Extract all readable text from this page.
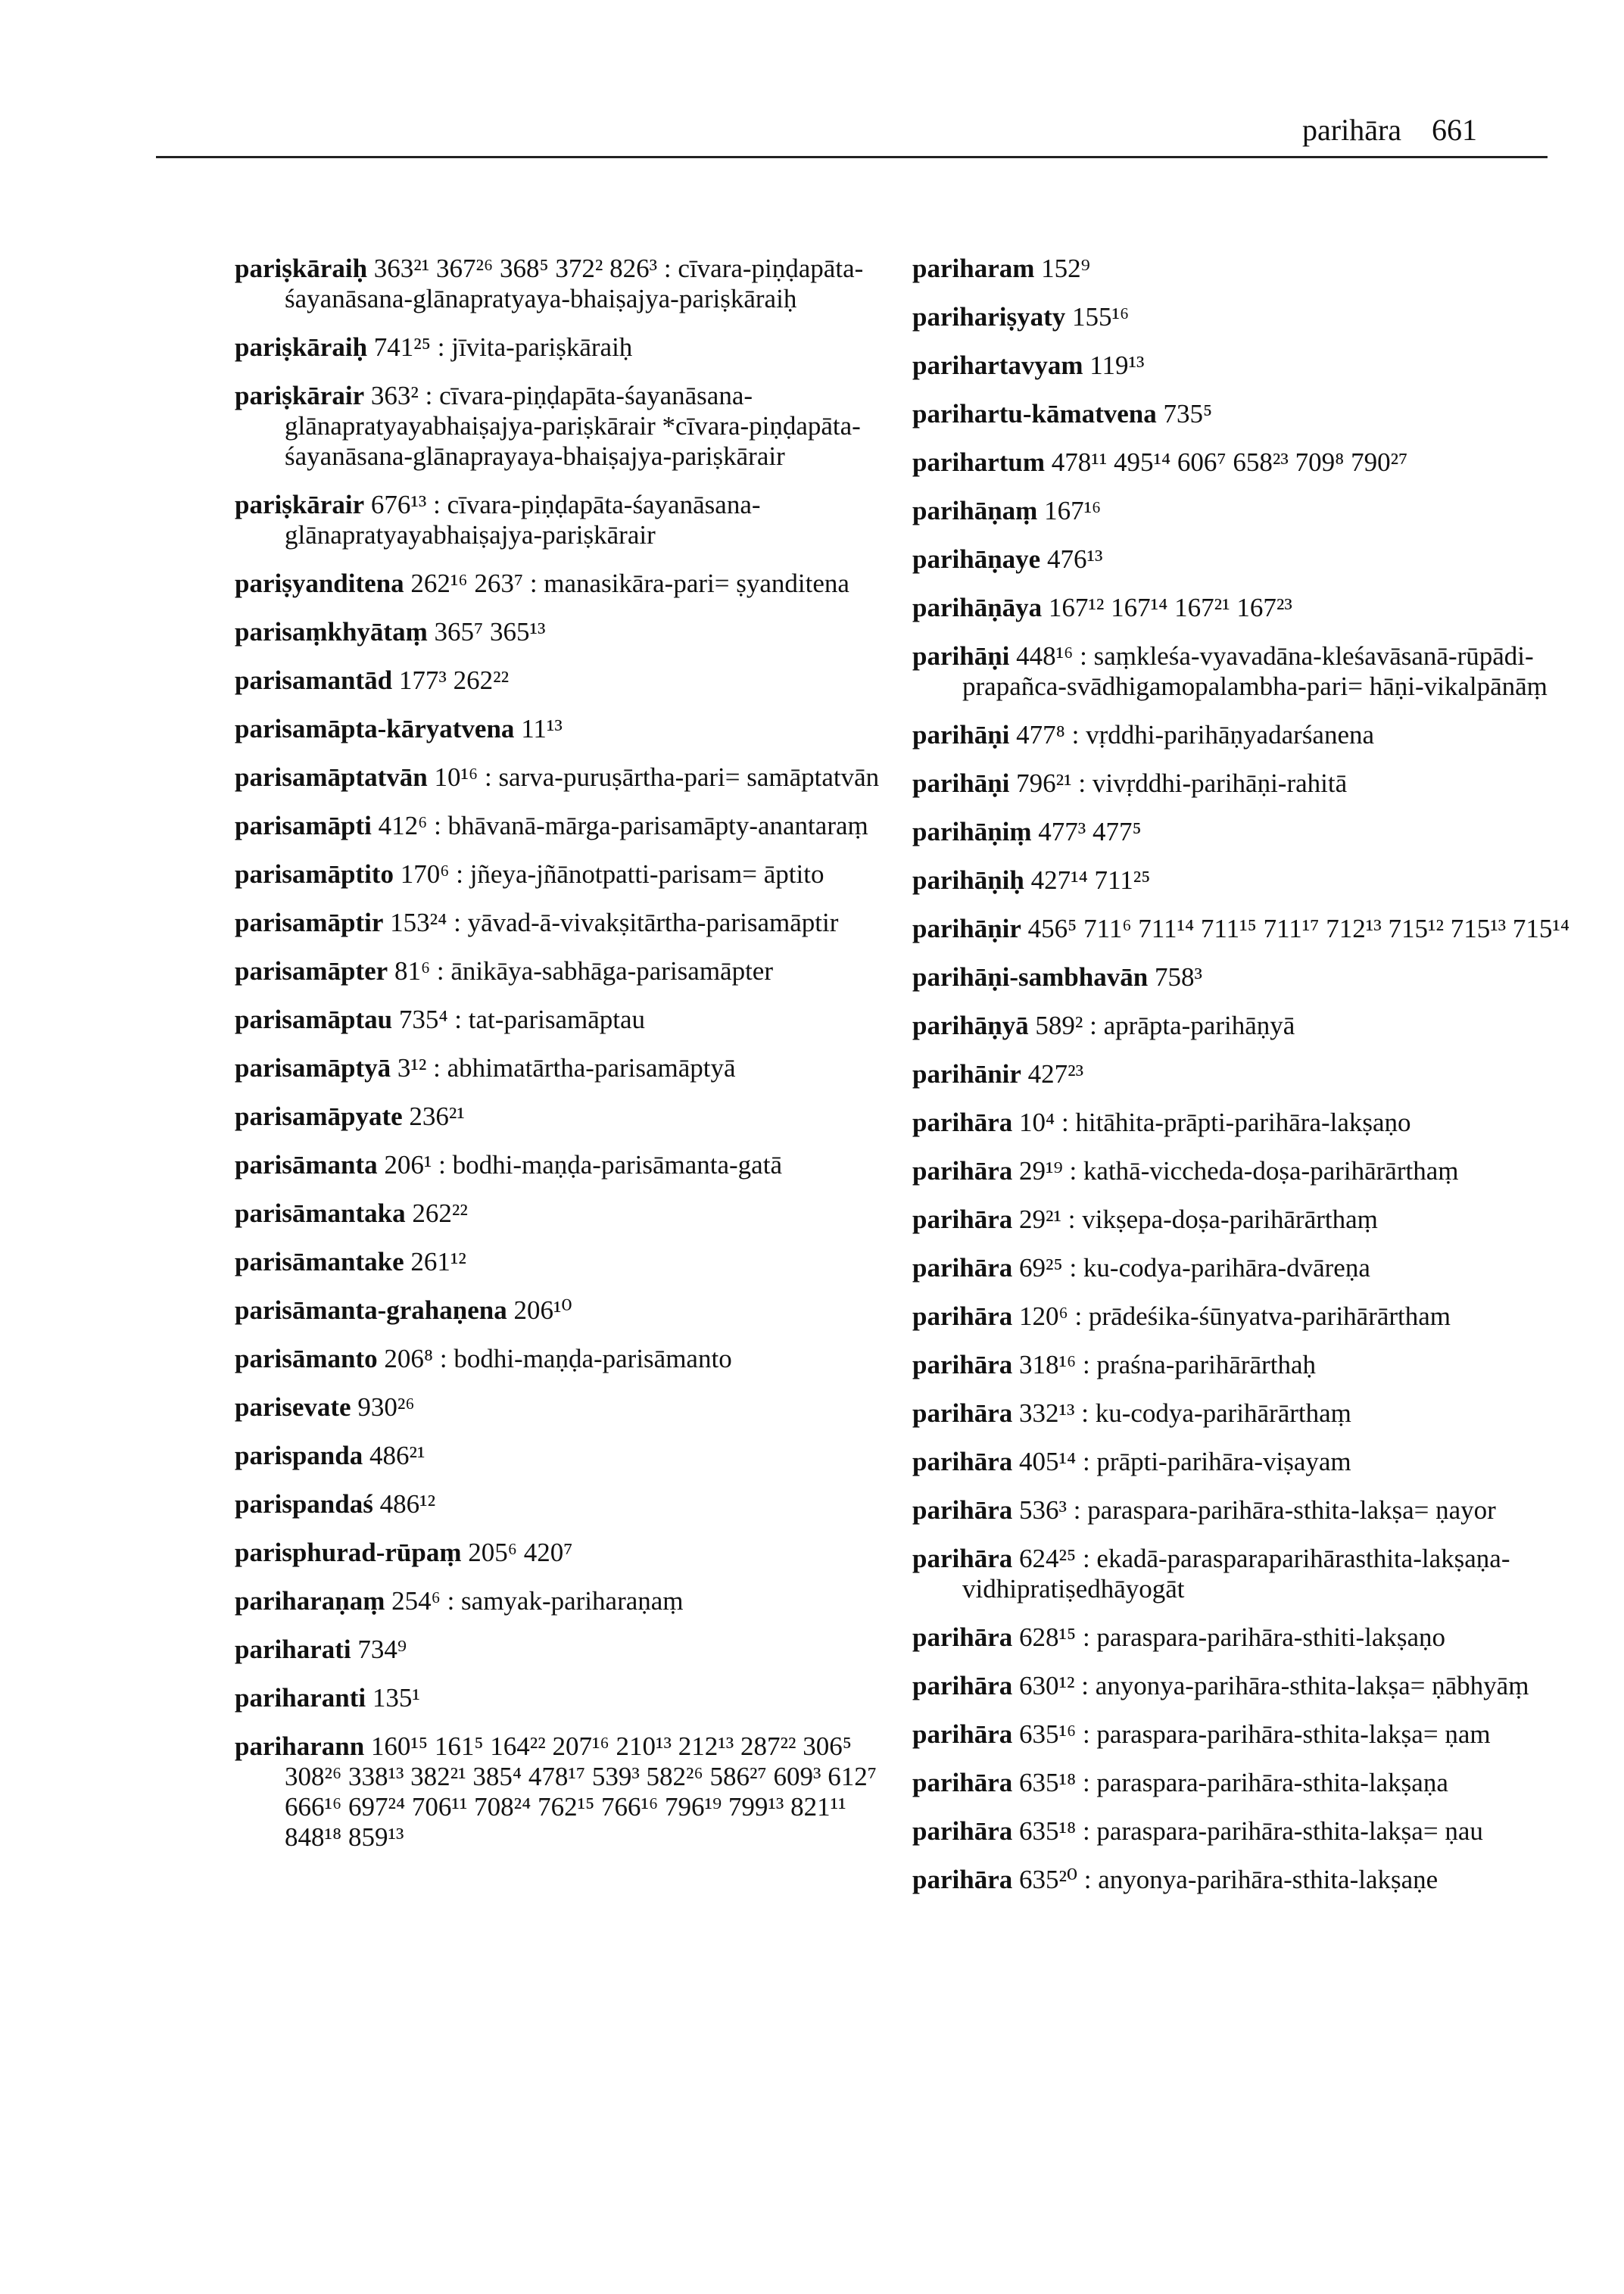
parihāra 661
pariṣkāraiḥ 363²¹ 367²⁶ 368⁵ 372² 826³ : cīvara-piṇḍapāta-śayanāsana-glānapratyaya-bhaiṣajya-pariṣkāraiḥ
pariṣkāraiḥ 741²⁵ : jīvita-pariṣkāraiḥ
pariṣkārair 363² : cīvara-piṇḍapāta-śayanāsana-glānapratyayabhaiṣajya-pariṣkārair *cīvara-piṇḍapāta-śayanāsana-glānaprayaya-bhaiṣajya-pariṣkārair
pariṣkārair 676¹³ : cīvara-piṇḍapāta-śayanāsana-glānapratyayabhaiṣajya-pariṣkārair
pariṣyanditena 262¹⁶ 263⁷ : manasikāra-pari= ṣyanditena
parisaṃkhyātaṃ 365⁷ 365¹³
parisamantād 177³ 262²²
parisamāpta-kāryatvena 11¹³
parisamāptatvān 10¹⁶ : sarva-puruṣārtha-pari= samāptatvān
parisamāpti 412⁶ : bhāvanā-mārga-parisamāpty-anantaraṃ
parisamāptito 170⁶ : jñeya-jñānotpatti-parisam= āptito
parisamāptir 153²⁴ : yāvad-ā-vivakṣitārtha-parisamāptir
parisamāpter 81⁶ : ānikāya-sabhāga-parisamāpter
parisamāptau 735⁴ : tat-parisamāptau
parisamāptyā 3¹² : abhimatārtha-parisamāptyā
parisamāpyate 236²¹
parisāmanta 206¹ : bodhi-maṇḍa-parisāmanta-gatā
parisāmantaka 262²²
parisāmantake 261¹²
parisāmanta-grahaṇena 206¹⁰
parisāmanto 206⁸ : bodhi-maṇḍa-parisāmanto
parisevate 930²⁶
parispanda 486²¹
parispandaś 486¹²
parisphurad-rūpaṃ 205⁶ 420⁷
pariharaṇaṃ 254⁶ : samyak-pariharaṇaṃ
pariharati 734⁹
pariharanti 135¹
pariharann 160¹⁵ 161⁵ 164²² 207¹⁶ 210¹³ 212¹³ 287²² 306⁵ 308²⁶ 338¹³ 382²¹ 385⁴ 478¹⁷ 539³ 582²⁶ 586²⁷ 609³ 612⁷ 666¹⁶ 697²⁴ 706¹¹ 708²⁴ 762¹⁵ 766¹⁶ 796¹⁹ 799¹³ 821¹¹ 848¹⁸ 859¹³
pariharam 152⁹
parihariṣyaty 155¹⁶
parihartavyam 119¹³
parihartu-kāmatvena 735⁵
parihartum 478¹¹ 495¹⁴ 606⁷ 658²³ 709⁸ 790²⁷
parihāṇaṃ 167¹⁶
parihāṇaye 476¹³
parihāṇāya 167¹² 167¹⁴ 167²¹ 167²³
parihāṇi 448¹⁶ : saṃkleśa-vyavadāna-kleśavāsanā-rūpādi-prapañca-svādhigamopalambha-pari= hāṇi-vikalpānāṃ
parihāṇi 477⁸ : vṛddhi-parihāṇyadarśanena
parihāṇi 796²¹ : vivṛddhi-parihāṇi-rahitā
parihāṇiṃ 477³ 477⁵
parihāṇiḥ 427¹⁴ 711²⁵
parihāṇir 456⁵ 711⁶ 711¹⁴ 711¹⁵ 711¹⁷ 712¹³ 715¹² 715¹³ 715¹⁴
parihāṇi-sambhavān 758³
parihāṇyā 589² : aprāpta-parihāṇyā
parihānir 427²³
parihāra 10⁴ : hitāhita-prāpti-parihāra-lakṣaṇo
parihāra 29¹⁹ : kathā-viccheda-doṣa-parihārārthaṃ
parihāra 29²¹ : vikṣepa-doṣa-parihārārthaṃ
parihāra 69²⁵ : ku-codya-parihāra-dvāreṇa
parihāra 120⁶ : prādeśika-śūnyatva-parihārārtham
parihāra 318¹⁶ : praśna-parihārārthaḥ
parihāra 332¹³ : ku-codya-parihārārthaṃ
parihāra 405¹⁴ : prāpti-parihāra-viṣayam
parihāra 536³ : paraspara-parihāra-sthita-lakṣa= ṇayor
parihāra 624²⁵ : ekadā-parasparaparihārasthita-lakṣaṇa-vidhipratiṣedhāyogāt
parihāra 628¹⁵ : paraspara-parihāra-sthiti-lakṣaṇo
parihāra 630¹² : anyonya-parihāra-sthita-lakṣa= ṇābhyāṃ
parihāra 635¹⁶ : paraspara-parihāra-sthita-lakṣa= ṇam
parihāra 635¹⁸ : paraspara-parihāra-sthita-lakṣaṇa
parihāra 635¹⁸ : paraspara-parihāra-sthita-lakṣa= ṇau
parihāra 635²⁰ : anyonya-parihāra-sthita-lakṣaṇe
